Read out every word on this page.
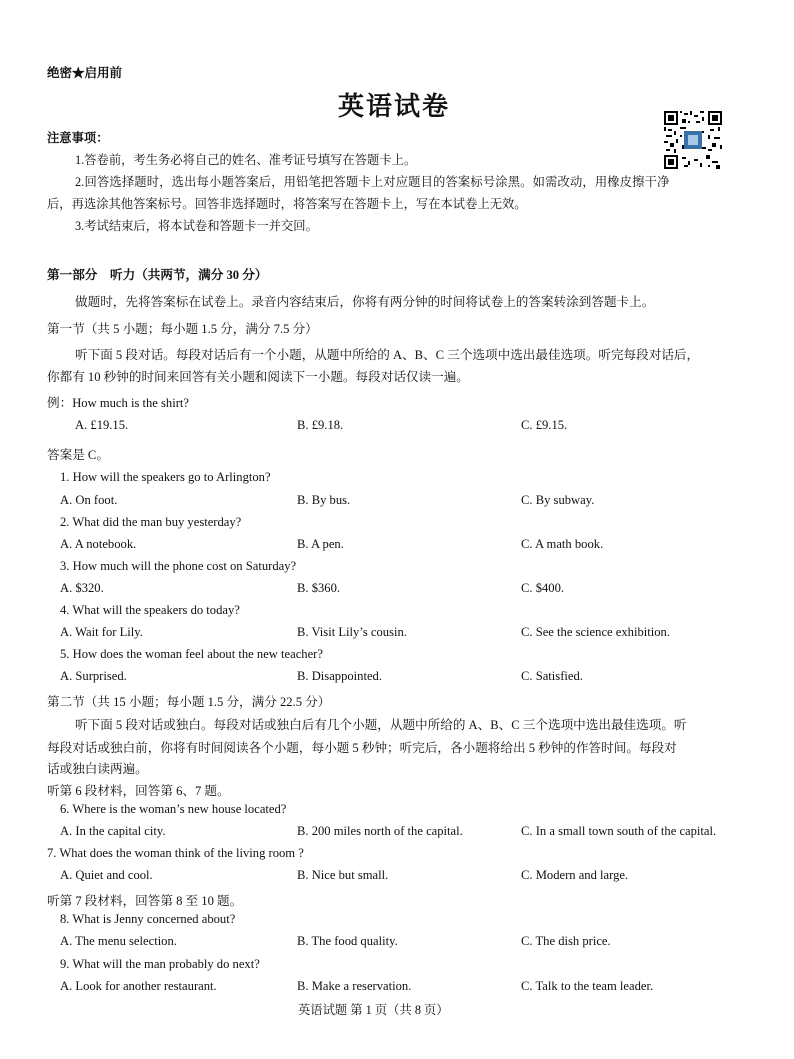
绝密★启用前
英语试卷
注意事项：
1.答卷前，考生务必将自己的姓名、准考证号填写在答题卡上。
2.回答选择题时，选出每小题答案后，用铅笔把答题卡上对应题目的答案标号涂黑。如需改动，用橡皮擦干净
后，再选涂其他答案标号。回答非选择题时，将答案写在答题卡上，写在本试卷上无效。
3.考试结束后，将本试卷和答题卡一并交回。
第一部分　听力（共两节，满分 30 分）
做题时，先将答案标在试卷上。录音内容结束后，你将有两分钟的时间将试卷上的答案转涂到答题卡上。
第一节（共 5 小题；每小题 1.5 分，满分 7.5 分）
听下面 5 段对话。每段对话后有一个小题，从题中所给的 A、B、C 三个选项中选出最佳选项。听完每段对话后，
你都有 10 秒钟的时间来回答有关小题和阅读下一小题。每段对话仅读一遍。
例：How much is the shirt?
A. £19.15.	B. £9.18.	C. £9.15.
答案是 C。
1. How will the speakers go to Arlington?
A. On foot.	B. By bus.	C. By subway.
2. What did the man buy yesterday?
A. A notebook.	B. A pen.	C. A math book.
3. How much will the phone cost on Saturday?
A. $320.	B. $360.	C. $400.
4. What will the speakers do today?
A. Wait for Lily.	B. Visit Lily’s cousin.	C. See the science exhibition.
5. How does the woman feel about the new teacher?
A. Surprised.	B. Disappointed.	C. Satisfied.
第二节（共 15 小题；每小题 1.5 分，满分 22.5 分）
听下面 5 段对话或独白。每段对话或独白后有几个小题，从题中所给的 A、B、C 三个选项中选出最佳选项。听
每段对话或独白前，你将有时间阅读各个小题，每小题 5 秒钟；听完后，各小题将给出 5 秒钟的作答时间。每段对
话或独白读两遍。
听第 6 段材料，回答第 6、7 题。
6. Where is the woman’s new house located?
A. In the capital city.	B. 200 miles north of the capital.	C. In a small town south of the capital.
7. What does the woman think of the living room ?
A. Quiet and cool.	B. Nice but small.	C. Modern and large.
听第 7 段材料，回答第 8 至 10 题。
8. What is Jenny concerned about?
A. The menu selection.	B. The food quality.	C. The dish price.
9. What will the man probably do next?
A. Look for another restaurant.	B. Make a reservation.	C. Talk to the team leader.
英语试题 第 1 页（共 8 页）
